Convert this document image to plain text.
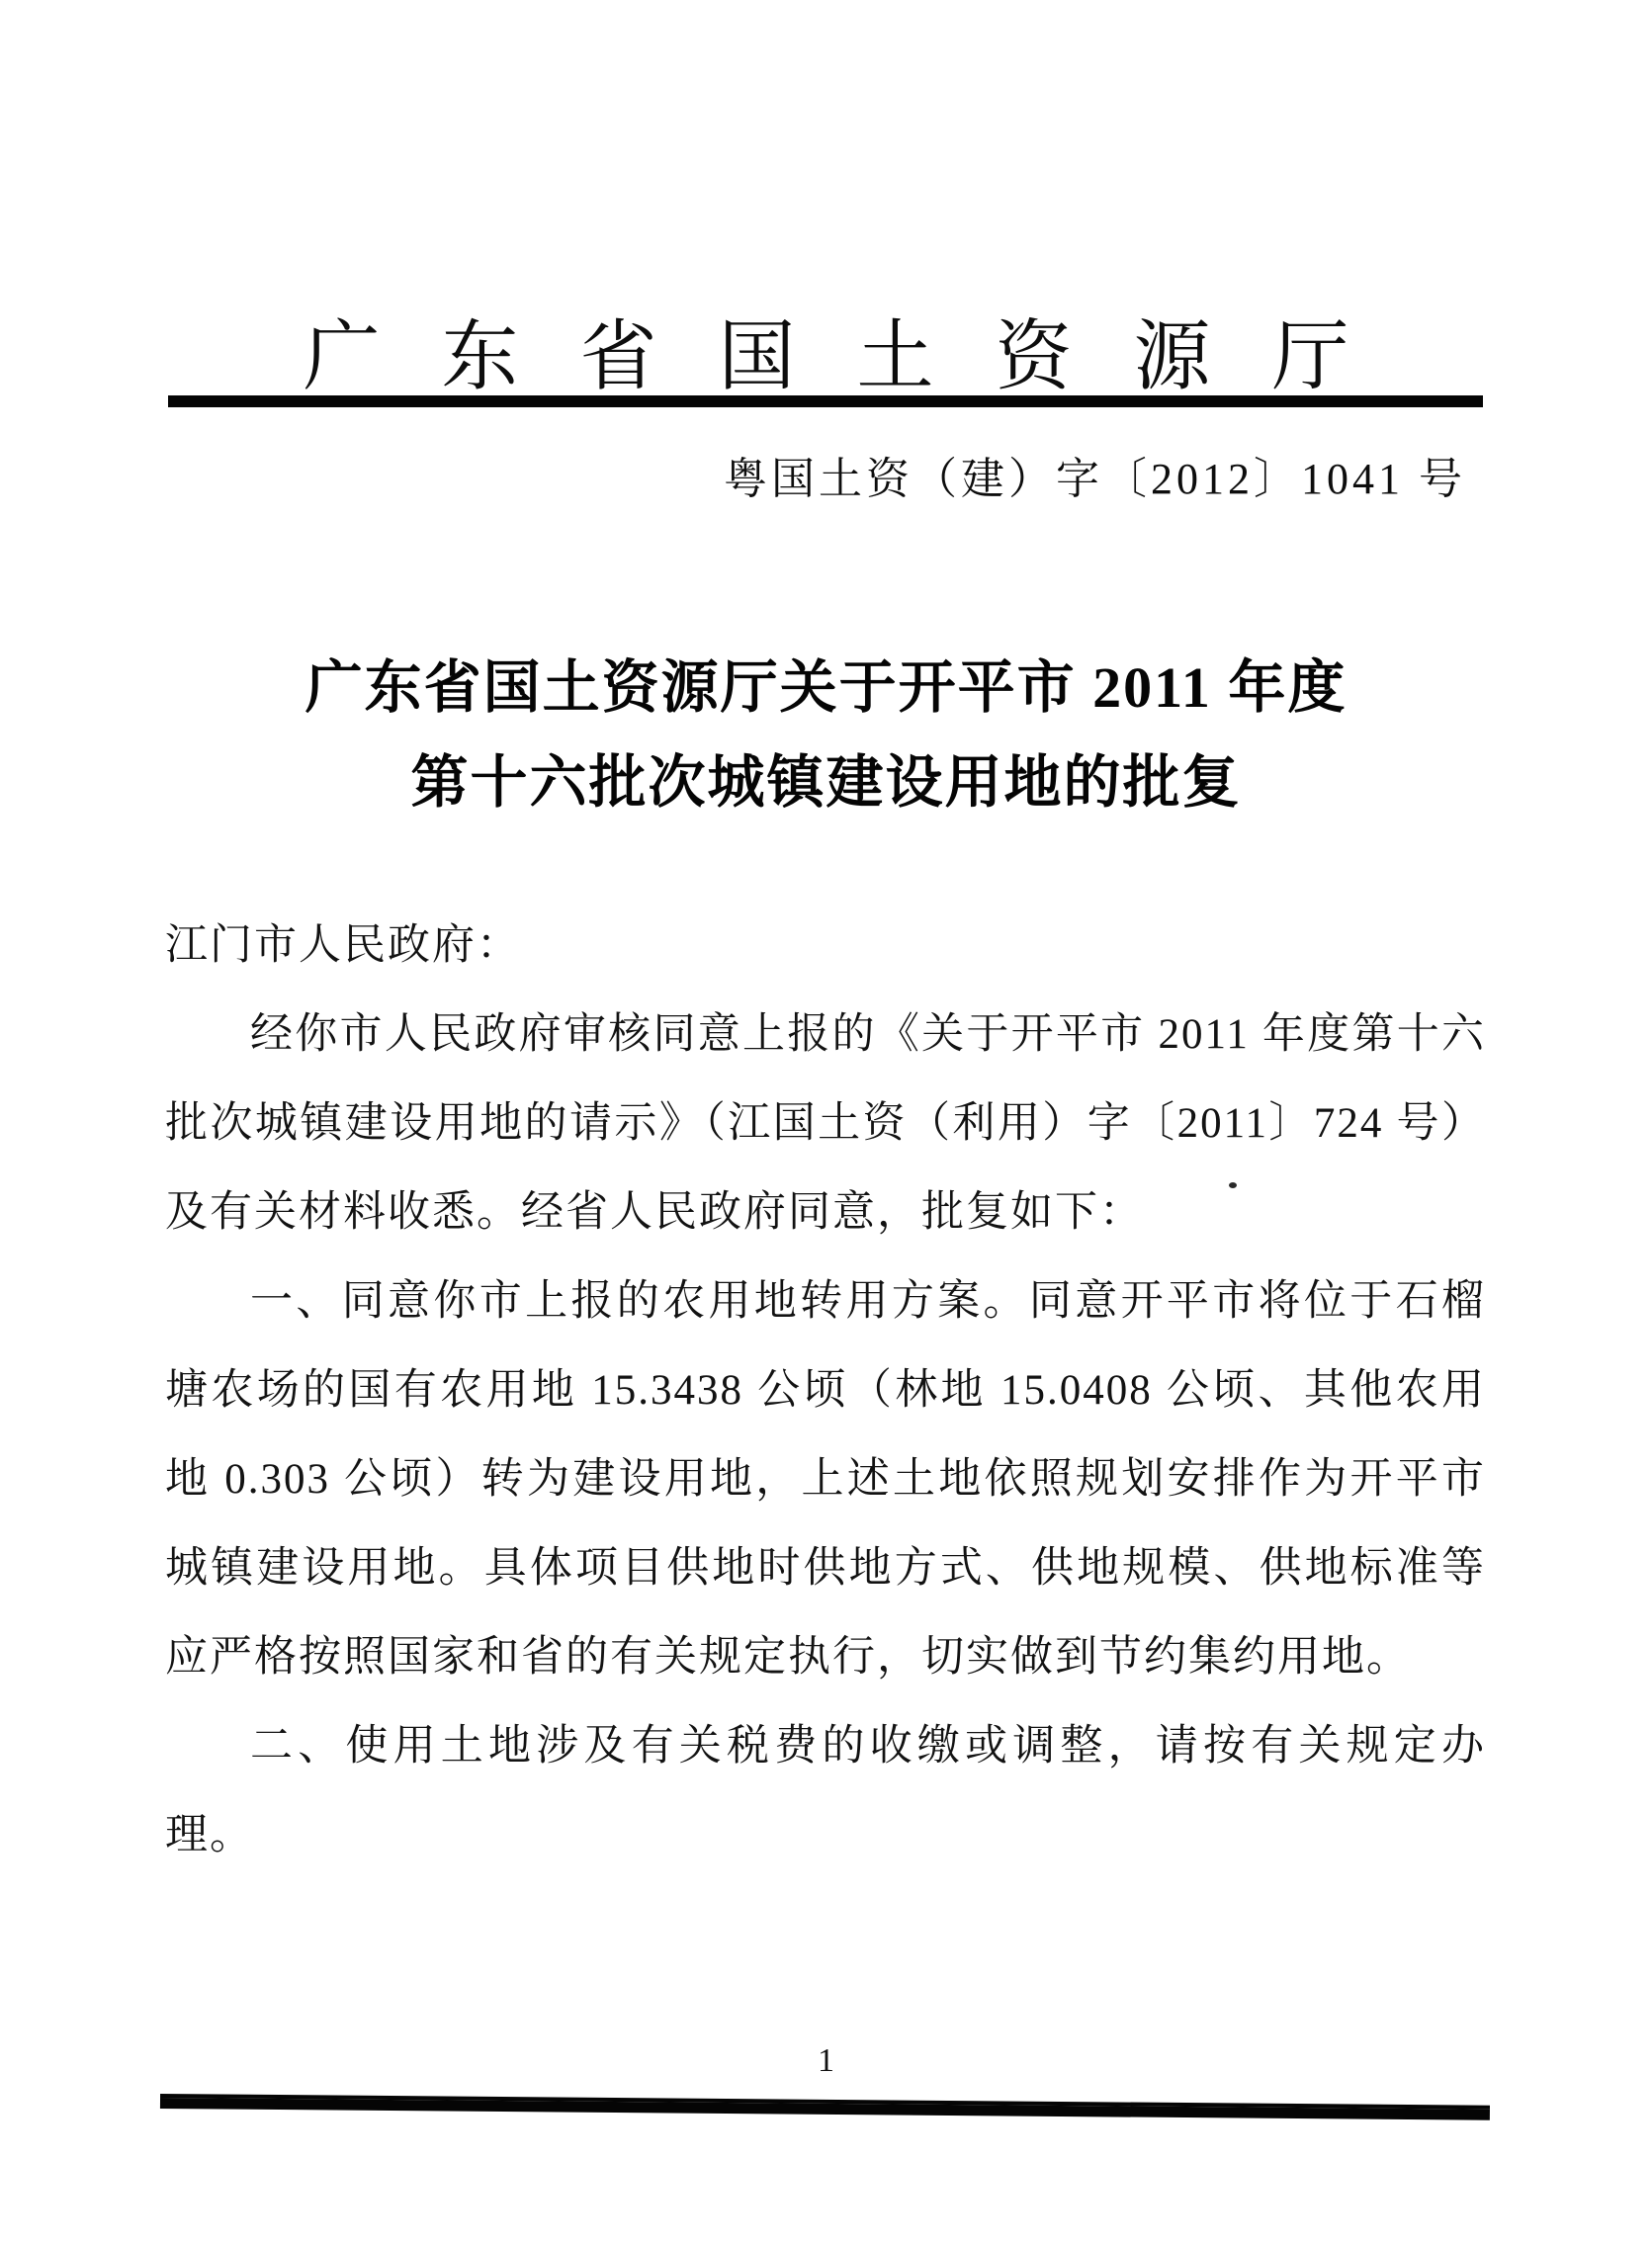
广东省国土资源厅
粤国土资（建）字〔2012〕1041 号
广东省国土资源厅关于开平市 2011 年度
第十六批次城镇建设用地的批复

江门市人民政府：

经你市人民政府审核同意上报的《关于开平市 2011 年度第十六批次城镇建设用地的请示》（江国土资（利用）字〔2011〕724 号）及有关材料收悉。经省人民政府同意，批复如下：

一、同意你市上报的农用地转用方案。同意开平市将位于石榴塘农场的国有农用地 15.3438 公顷（林地 15.0408 公顷、其他农用地 0.303 公顷）转为建设用地，上述土地依照规划安排作为开平市城镇建设用地。具体项目供地时供地方式、供地规模、供地标准等应严格按照国家和省的有关规定执行，切实做到节约集约用地。

二、使用土地涉及有关税费的收缴或调整，请按有关规定办理。

1
